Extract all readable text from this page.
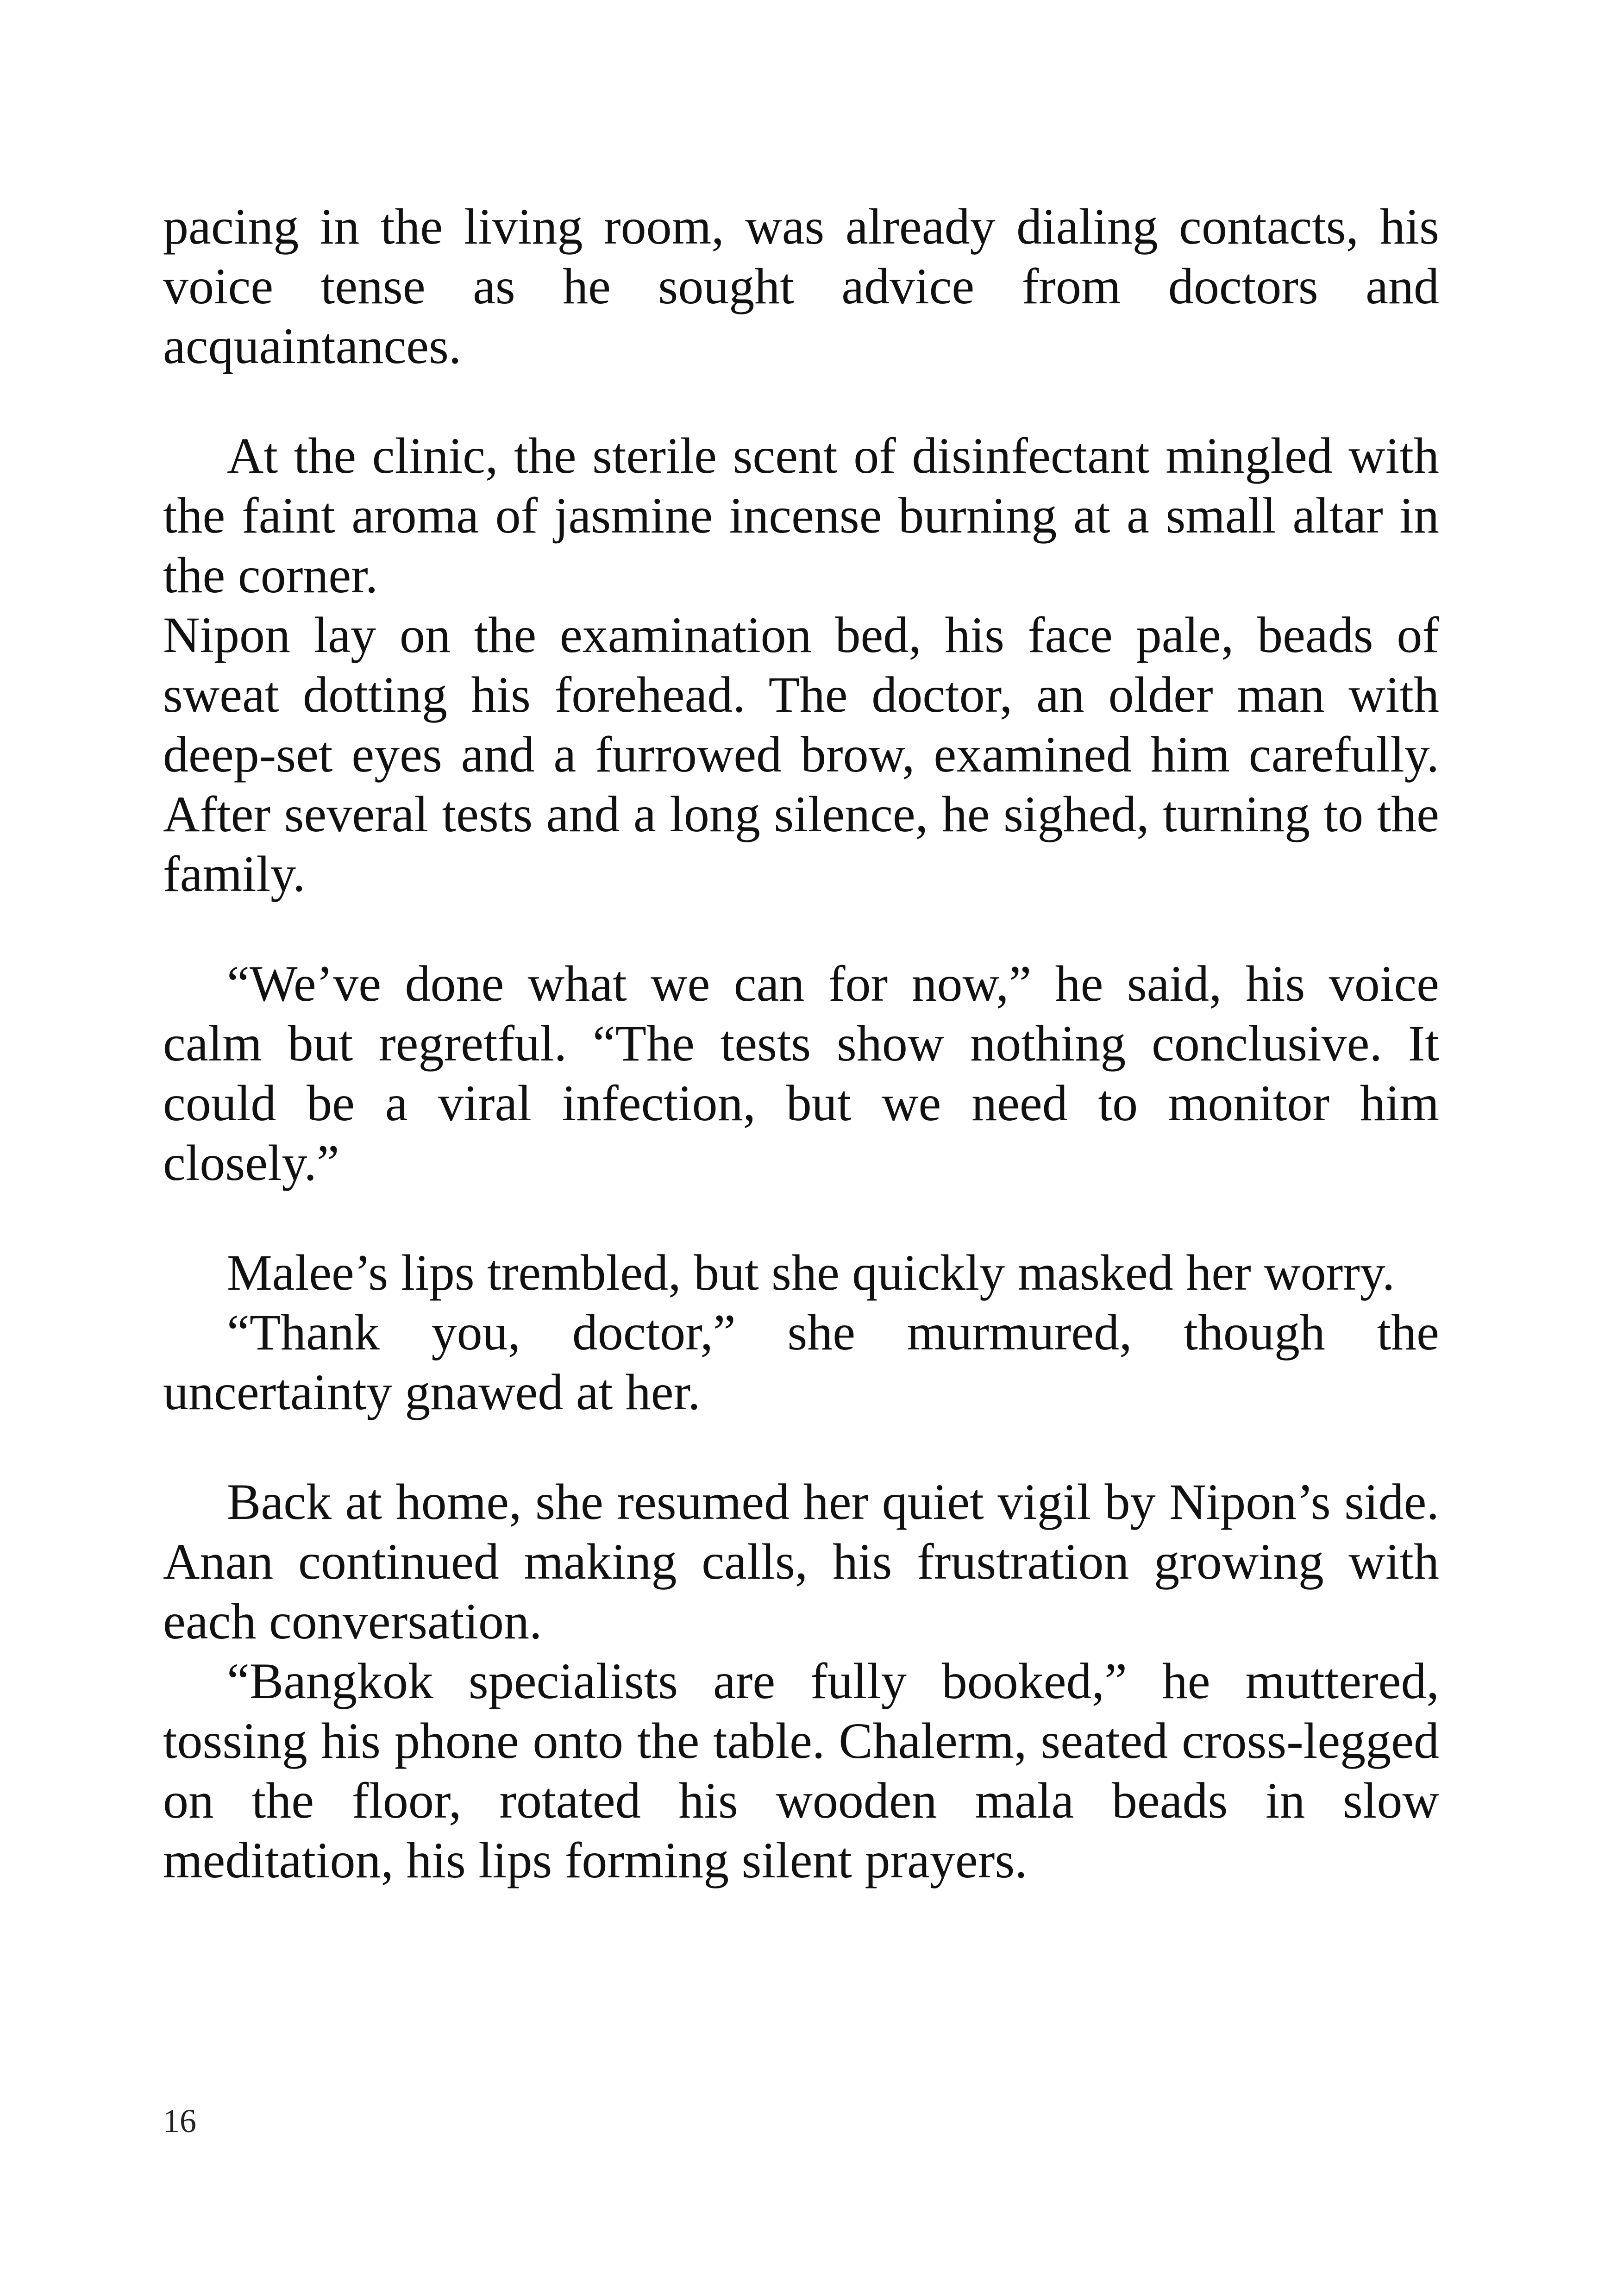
pacing in the living room, was already dialing contacts, his voice tense as he sought advice from doctors and acquaintances.

At the clinic, the sterile scent of disinfectant mingled with the faint aroma of jasmine incense burning at a small altar in the corner.

Nipon lay on the examination bed, his face pale, beads of sweat dotting his forehead. The doctor, an older man with deep-set eyes and a furrowed brow, examined him carefully. After several tests and a long silence, he sighed, turning to the family.

“We’ve done what we can for now,” he said, his voice calm but regretful. “The tests show nothing conclusive. It could be a viral infection, but we need to monitor him closely.”

Malee’s lips trembled, but she quickly masked her worry.

“Thank you, doctor,” she murmured, though the uncertainty gnawed at her.

Back at home, she resumed her quiet vigil by Nipon’s side. Anan continued making calls, his frustration growing with each conversation.

“Bangkok specialists are fully booked,” he muttered, tossing his phone onto the table. Chalerm, seated cross-legged on the floor, rotated his wooden mala beads in slow meditation, his lips forming silent prayers.

16
